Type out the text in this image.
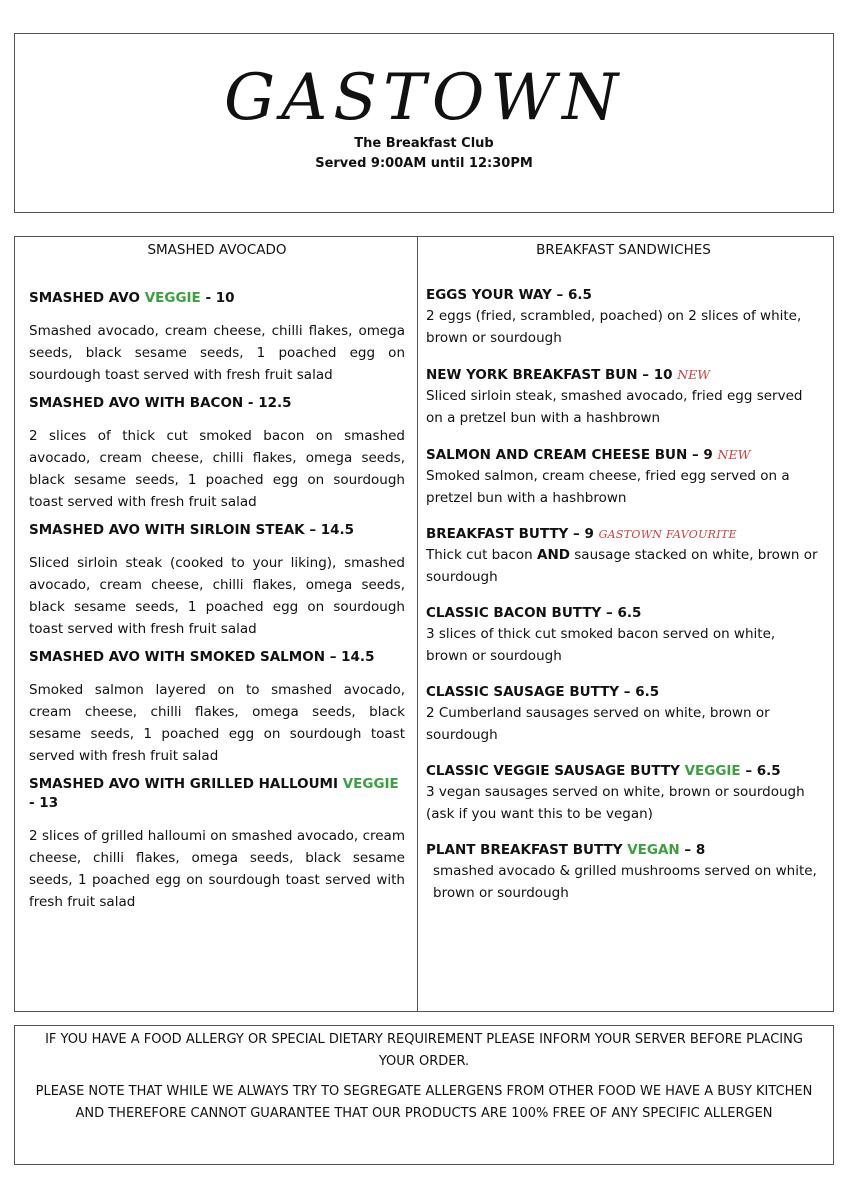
GASTOWN
The Breakfast Club
Served 9:00AM until 12:30PM
SMASHED AVOCADO
SMASHED AVO VEGGIE - 10
Smashed avocado, cream cheese, chilli flakes, omega seeds, black sesame seeds, 1 poached egg on sourdough toast served with fresh fruit salad
SMASHED AVO WITH BACON - 12.5
2 slices of thick cut smoked bacon on smashed avocado, cream cheese, chilli flakes, omega seeds, black sesame seeds, 1 poached egg on sourdough toast served with fresh fruit salad
SMASHED AVO WITH SIRLOIN STEAK – 14.5
Sliced sirloin steak (cooked to your liking), smashed avocado, cream cheese, chilli flakes, omega seeds, black sesame seeds, 1 poached egg on sourdough toast served with fresh fruit salad
SMASHED AVO WITH SMOKED SALMON – 14.5
Smoked salmon layered on to smashed avocado, cream cheese, chilli flakes, omega seeds, black sesame seeds, 1 poached egg on sourdough toast served with fresh fruit salad
SMASHED AVO WITH GRILLED HALLOUMI VEGGIE - 13
2 slices of grilled halloumi on smashed avocado, cream cheese, chilli flakes, omega seeds, black sesame seeds, 1 poached egg on sourdough toast served with fresh fruit salad
BREAKFAST SANDWICHES
EGGS YOUR WAY – 6.5
2 eggs (fried, scrambled, poached) on 2 slices of white, brown or sourdough
NEW YORK BREAKFAST BUN – 10 NEW
Sliced sirloin steak, smashed avocado, fried egg served on a pretzel bun with a hashbrown
SALMON AND CREAM CHEESE BUN – 9 NEW
Smoked salmon, cream cheese, fried egg served on a pretzel bun with a hashbrown
BREAKFAST BUTTY – 9 GASTOWN FAVOURITE
Thick cut bacon AND sausage stacked on white, brown or sourdough
CLASSIC BACON BUTTY – 6.5
3 slices of thick cut smoked bacon served on white, brown or sourdough
CLASSIC SAUSAGE BUTTY – 6.5
2 Cumberland sausages served on white, brown or sourdough
CLASSIC VEGGIE SAUSAGE BUTTY VEGGIE – 6.5
3 vegan sausages served on white, brown or sourdough (ask if you want this to be vegan)
PLANT BREAKFAST BUTTY VEGAN – 8
smashed avocado & grilled mushrooms served on white, brown or sourdough

IF YOU HAVE A FOOD ALLERGY OR SPECIAL DIETARY REQUIREMENT PLEASE INFORM YOUR SERVER BEFORE PLACING YOUR ORDER.

PLEASE NOTE THAT WHILE WE ALWAYS TRY TO SEGREGATE ALLERGENS FROM OTHER FOOD WE HAVE A BUSY KITCHEN AND THEREFORE CANNOT GUARANTEE THAT OUR PRODUCTS ARE 100% FREE OF ANY SPECIFIC ALLERGEN
